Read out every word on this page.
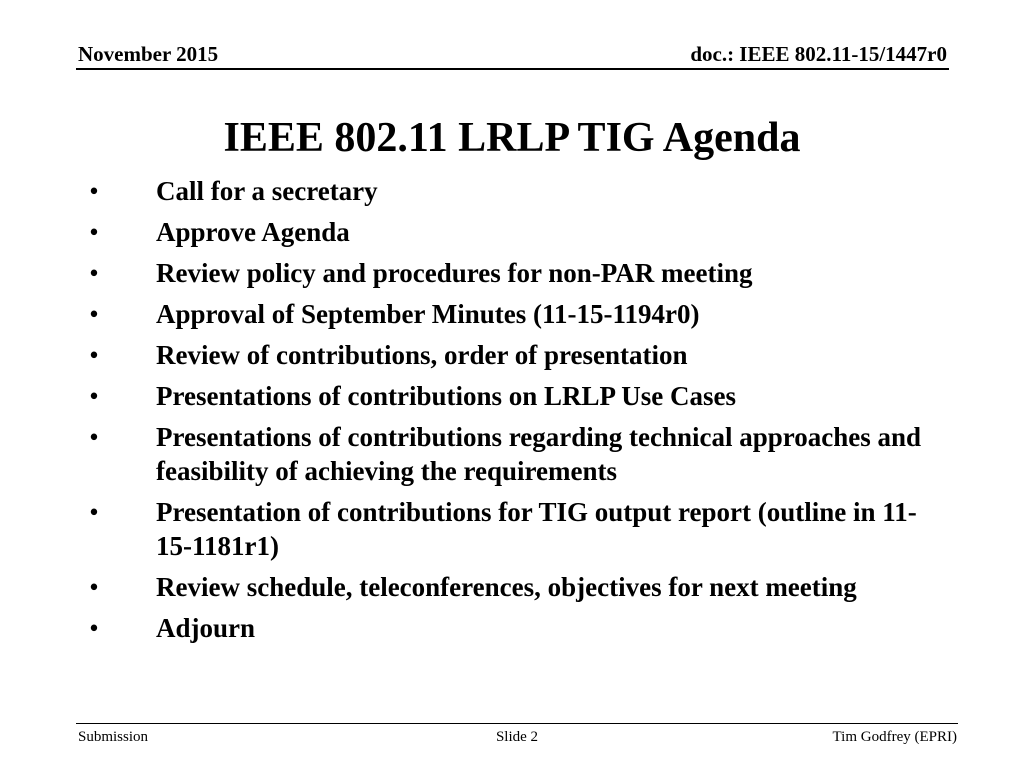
November 2015	doc.: IEEE 802.11-15/1447r0
IEEE 802.11 LRLP TIG Agenda
• Call for a secretary
• Approve Agenda
• Review policy and procedures for non-PAR meeting
• Approval of September Minutes (11-15-1194r0)
• Review of contributions, order of presentation
• Presentations of contributions on LRLP Use Cases
• Presentations of contributions regarding technical approaches and feasibility of achieving the requirements
• Presentation of contributions for TIG output report (outline in 11-15-1181r1)
• Review schedule, teleconferences, objectives for next meeting
• Adjourn
Submission	Slide 2	Tim Godfrey (EPRI)
